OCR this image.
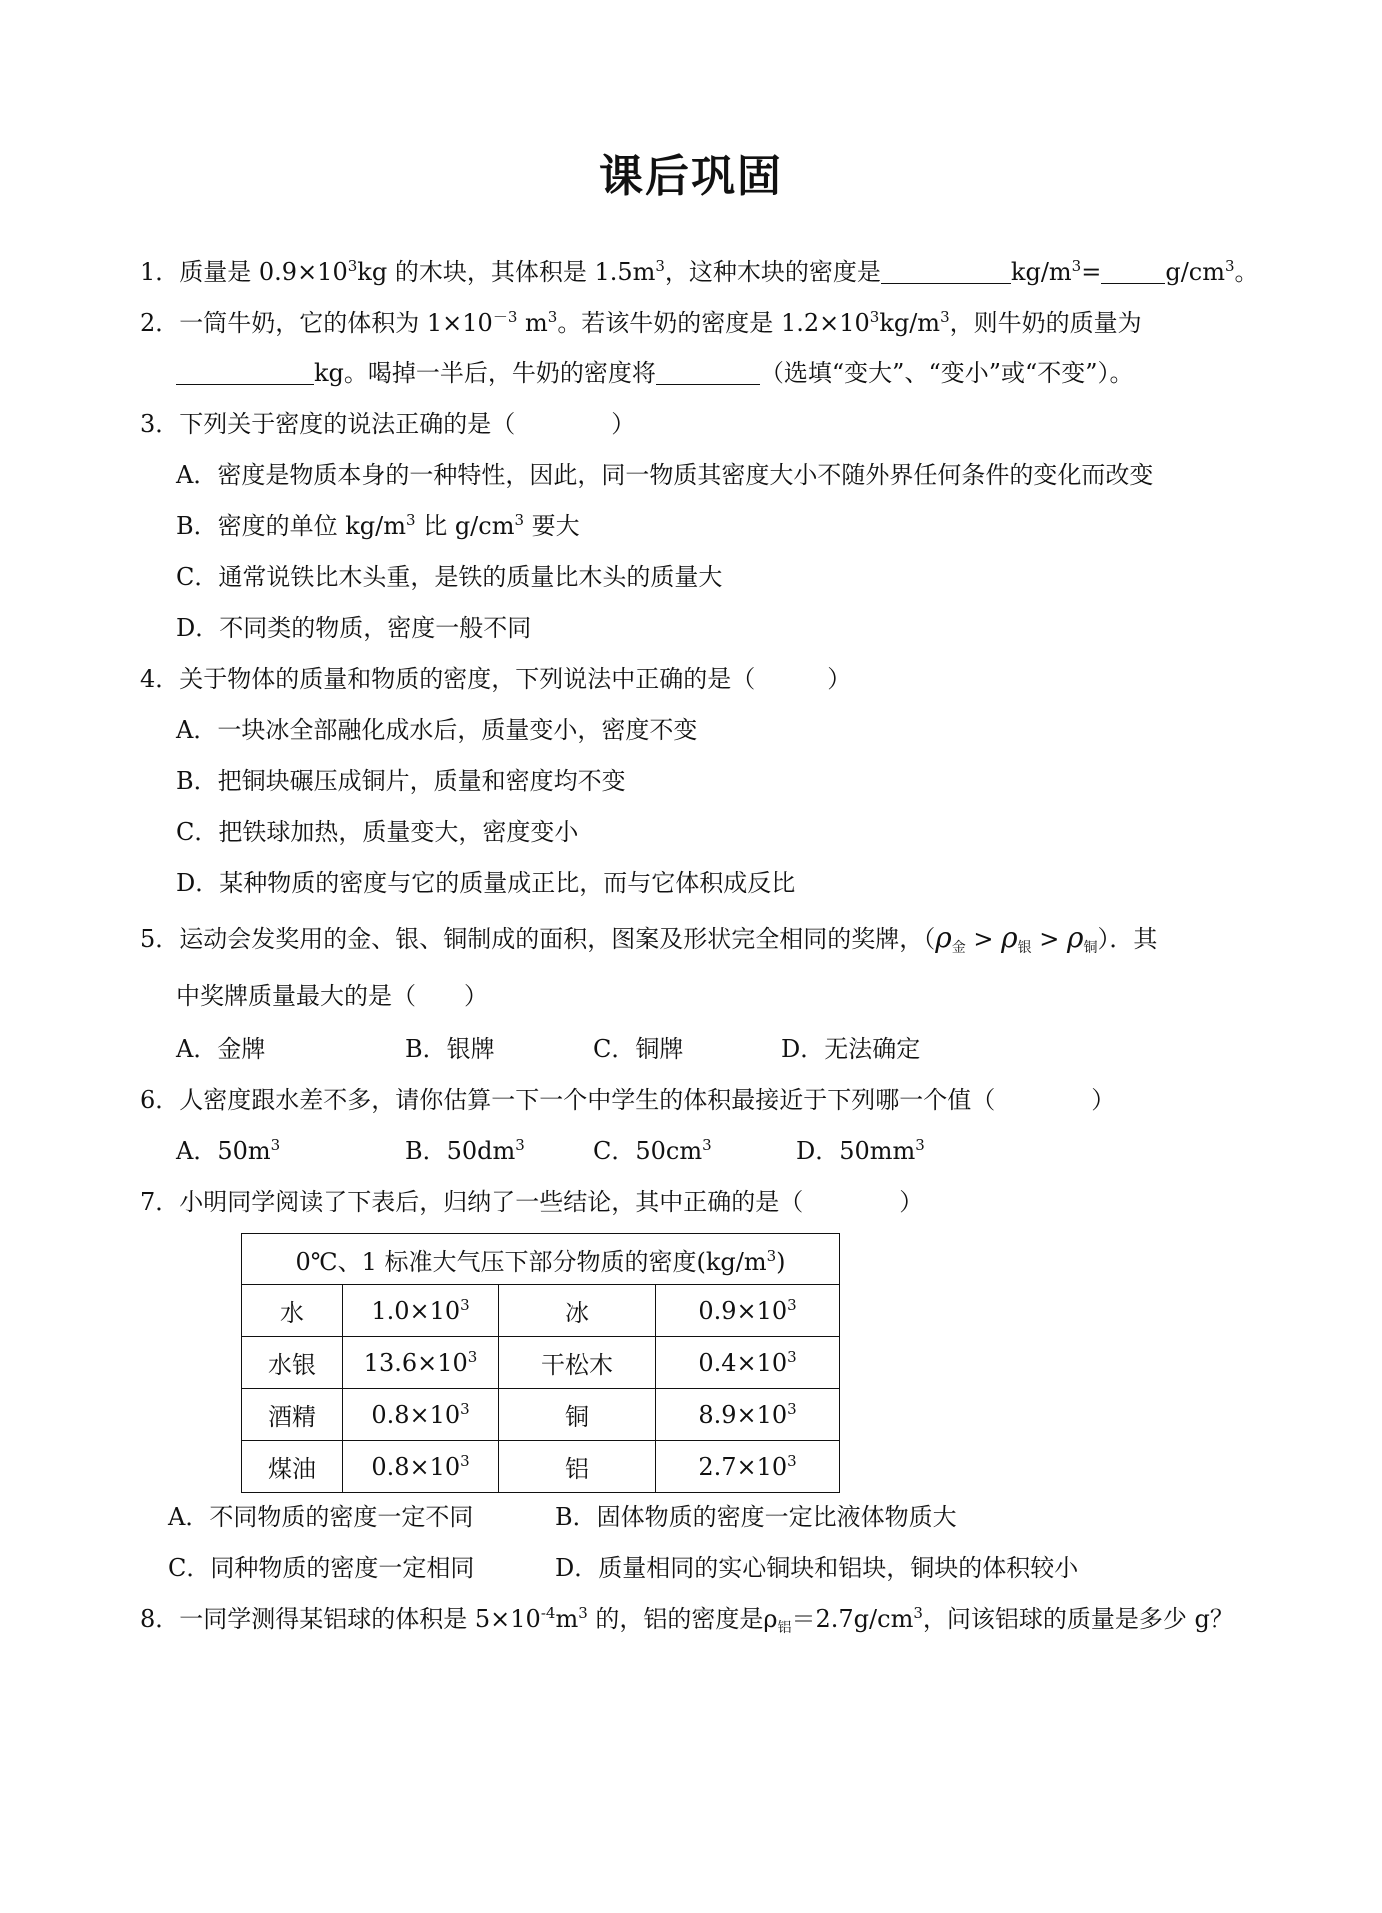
课后巩固
1．质量是 $0.9\times 10^3kg$ 的木块，其体积是 $1.5m^3$，这种木块的密度是	$kg/m^3=$	$g/cm^3$。
2．一筒牛奶，它的体积为 $1\times 10^{-3}$ $m^3$。若该牛奶的密度是 $1.2\times 10^3kg/m^3$，则牛奶的质量为
kg。喝掉一半后，牛奶的密度将	（选填“变大”、“变小”或“不变”）。
3．下列关于密度的说法正确的是（　　　　）
A．密度是物质本身的一种特性，因此，同一物质其密度大小不随外界任何条件的变化而改变
B．密度的单位 $kg/m^3$ 比 $g/cm^3$ 要大
C．通常说铁比木头重，是铁的质量比木头的质量大
D．不同类的物质，密度一般不同
4．关于物体的质量和物质的密度，下列说法中正确的是（　　　）
A．一块冰全部融化成水后，质量变小，密度不变
B．把铜块碾压成铜片，质量和密度均不变
C．把铁球加热，质量变大，密度变小
D．某种物质的密度与它的质量成正比，而与它体积成反比
5．运动会发奖用的金、银、铜制成的面积，图案及形状完全相同的奖牌，$(\rho_金 > \rho_银 > \rho_铜)$．其
中奖牌质量最大的是（　　）
A．金牌	B．银牌	C．铜牌	D．无法确定
6．人密度跟水差不多，请你估算一下一个中学生的体积最接近于下列哪一个值（　　　　）
A．$50m^3$	B．$50dm^3$	C．$50cm^3$	D．$50mm^3$
7．小明同学阅读了下表后，归纳了一些结论，其中正确的是（　　　　）
0℃、1 标准大气压下部分物质的密度$(kg/m^3)$			
水	$1.0\times 10^3$	冰	$0.9\times 10^3$
水银	$13.6\times 10^3$	干松木	$0.4\times 10^3$
酒精	$0.8\times 10^3$	铜	$8.9\times 10^3$
煤油	$0.8\times 10^3$	铝	$2.7\times 10^3$
A．不同物质的密度一定不同	B．固体物质的密度一定比液体物质大
C．同种物质的密度一定相同	D．质量相同的实心铜块和铝块，铜块的体积较小
8．一同学测得某铝球的体积是 $5\times 10^{-4}m^3$ 的，铝的密度是$\rho_铝=2.7g/cm^3$，问该铝球的质量是多少 g？
